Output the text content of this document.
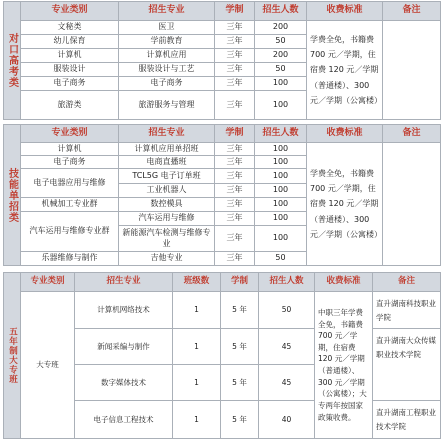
对口高考类	专业类别	招生专业	学制	招生人数	收费标准	备注
	文秘类	医卫	三年	200	学费全免，书籍费 700 元／学期，住宿费 120 元／学期（普通楼）、300 元／学期（公寓楼）	
	幼儿保育	学前教育	三年	50		
	计算机	计算机应用	三年	200		
	服装设计	服装设计与工艺	三年	50		
	电子商务	电子商务	三年	100		
	旅游类	旅游服务与管理	三年	100		
技能单招类	专业类别	招生专业	学制	招生人数	收费标准	备注
	计算机	计算机应用单招班	三年	100	学费全免，书籍费 700 元／学期，住宿费 120 元／学期（普通楼）、300 元／学期（公寓楼）	
	电子商务	电商直播班	三年	100		
	电子电器应用与维修	TCL5G 电子订单班	三年	100		
		工业机器人	三年	100		
	机械加工专业群	数控模具	三年	100		
	汽车运用与维修专业群	汽车运用与维修	三年	100		
		新能源汽车检测与维修专业	三年	100		
	乐器维修与制作	吉他专业	三年	50		
五年制大专班	专业类别	招生专业	班级数	学制	招生人数	收费标准	备注
	大专班	计算机网络技术	1	5 年	50	中职三年学费全免，书籍费 700 元／学期，住宿费 120 元／学期（普通楼）、300 元／学期（公寓楼）；大专两年按国家政策收费。	直升湖南科技职业学院
		新闻采编与制作	1	5 年	45		直升湖南大众传媒职业技术学院
		数字媒体技术	1	5 年	45		
		电子信息工程技术	1	5 年	40		直升湖南工程职业技术学院
